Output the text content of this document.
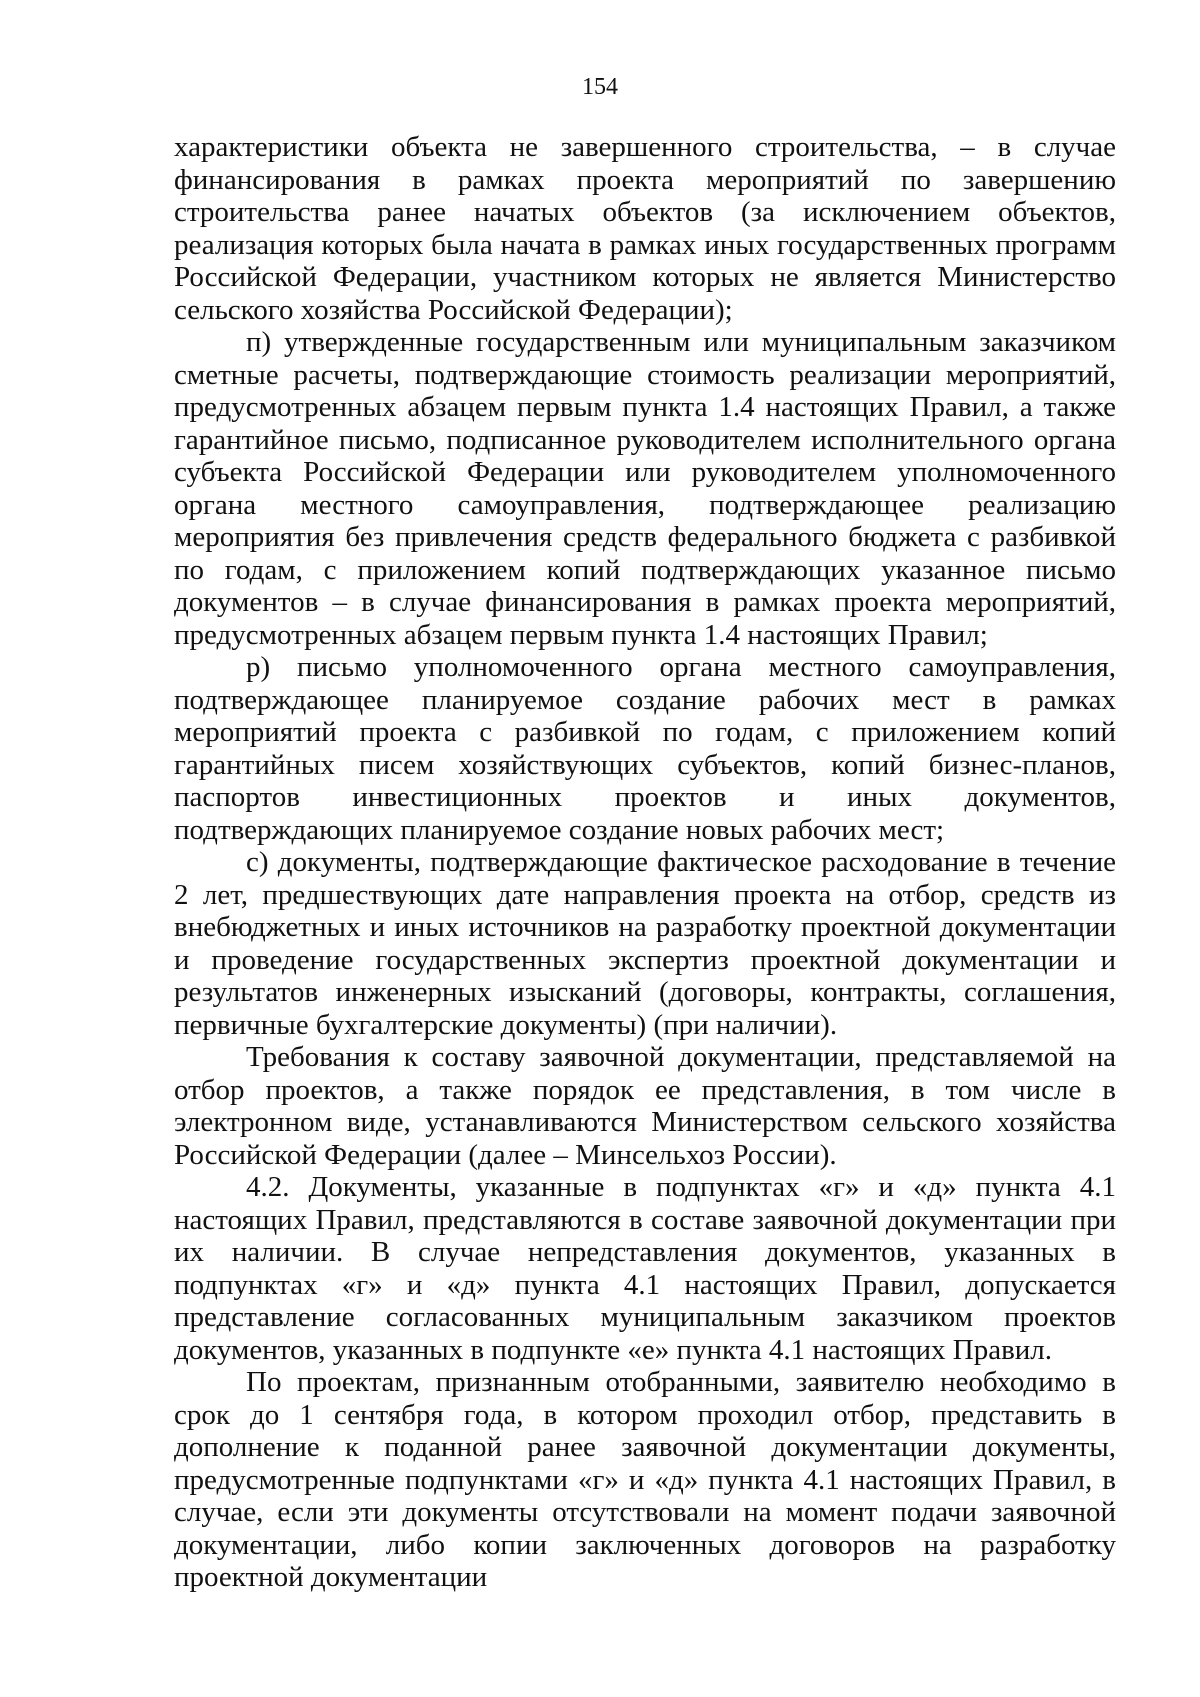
154

характеристики объекта не завершенного строительства, – в случае финансирования в рамках проекта мероприятий по завершению строительства ранее начатых объектов (за исключением объектов, реализация которых была начата в рамках иных государственных программ Российской Федерации, участником которых не является Министерство сельского хозяйства Российской Федерации);

п) утвержденные государственным или муниципальным заказчиком сметные расчеты, подтверждающие стоимость реализации мероприятий, предусмотренных абзацем первым пункта 1.4 настоящих Правил, а также гарантийное письмо, подписанное руководителем исполнительного органа субъекта Российской Федерации или руководителем уполномоченного органа местного самоуправления, подтверждающее реализацию мероприятия без привлечения средств федерального бюджета с разбивкой по годам, с приложением копий подтверждающих указанное письмо документов – в случае финансирования в рамках проекта мероприятий, предусмотренных абзацем первым пункта 1.4 настоящих Правил;

р) письмо уполномоченного органа местного самоуправления, подтверждающее планируемое создание рабочих мест в рамках мероприятий проекта с разбивкой по годам, с приложением копий гарантийных писем хозяйствующих субъектов, копий бизнес-планов, паспортов инвестиционных проектов и иных документов, подтверждающих планируемое создание новых рабочих мест;

с) документы, подтверждающие фактическое расходование в течение 2 лет, предшествующих дате направления проекта на отбор, средств из внебюджетных и иных источников на разработку проектной документации и проведение государственных экспертиз проектной документации и результатов инженерных изысканий (договоры, контракты, соглашения, первичные бухгалтерские документы) (при наличии).

Требования к составу заявочной документации, представляемой на отбор проектов, а также порядок ее представления, в том числе в электронном виде, устанавливаются Министерством сельского хозяйства Российской Федерации (далее – Минсельхоз России).

4.2. Документы, указанные в подпунктах «г» и «д» пункта 4.1 настоящих Правил, представляются в составе заявочной документации при их наличии. В случае непредставления документов, указанных в подпунктах «г» и «д» пункта 4.1 настоящих Правил, допускается представление согласованных муниципальным заказчиком проектов документов, указанных в подпункте «е» пункта 4.1 настоящих Правил.

По проектам, признанным отобранными, заявителю необходимо в срок до 1 сентября года, в котором проходил отбор, представить в дополнение к поданной ранее заявочной документации документы, предусмотренные подпунктами «г» и «д» пункта 4.1 настоящих Правил, в случае, если эти документы отсутствовали на момент подачи заявочной документации, либо копии заключенных договоров на разработку проектной документации
